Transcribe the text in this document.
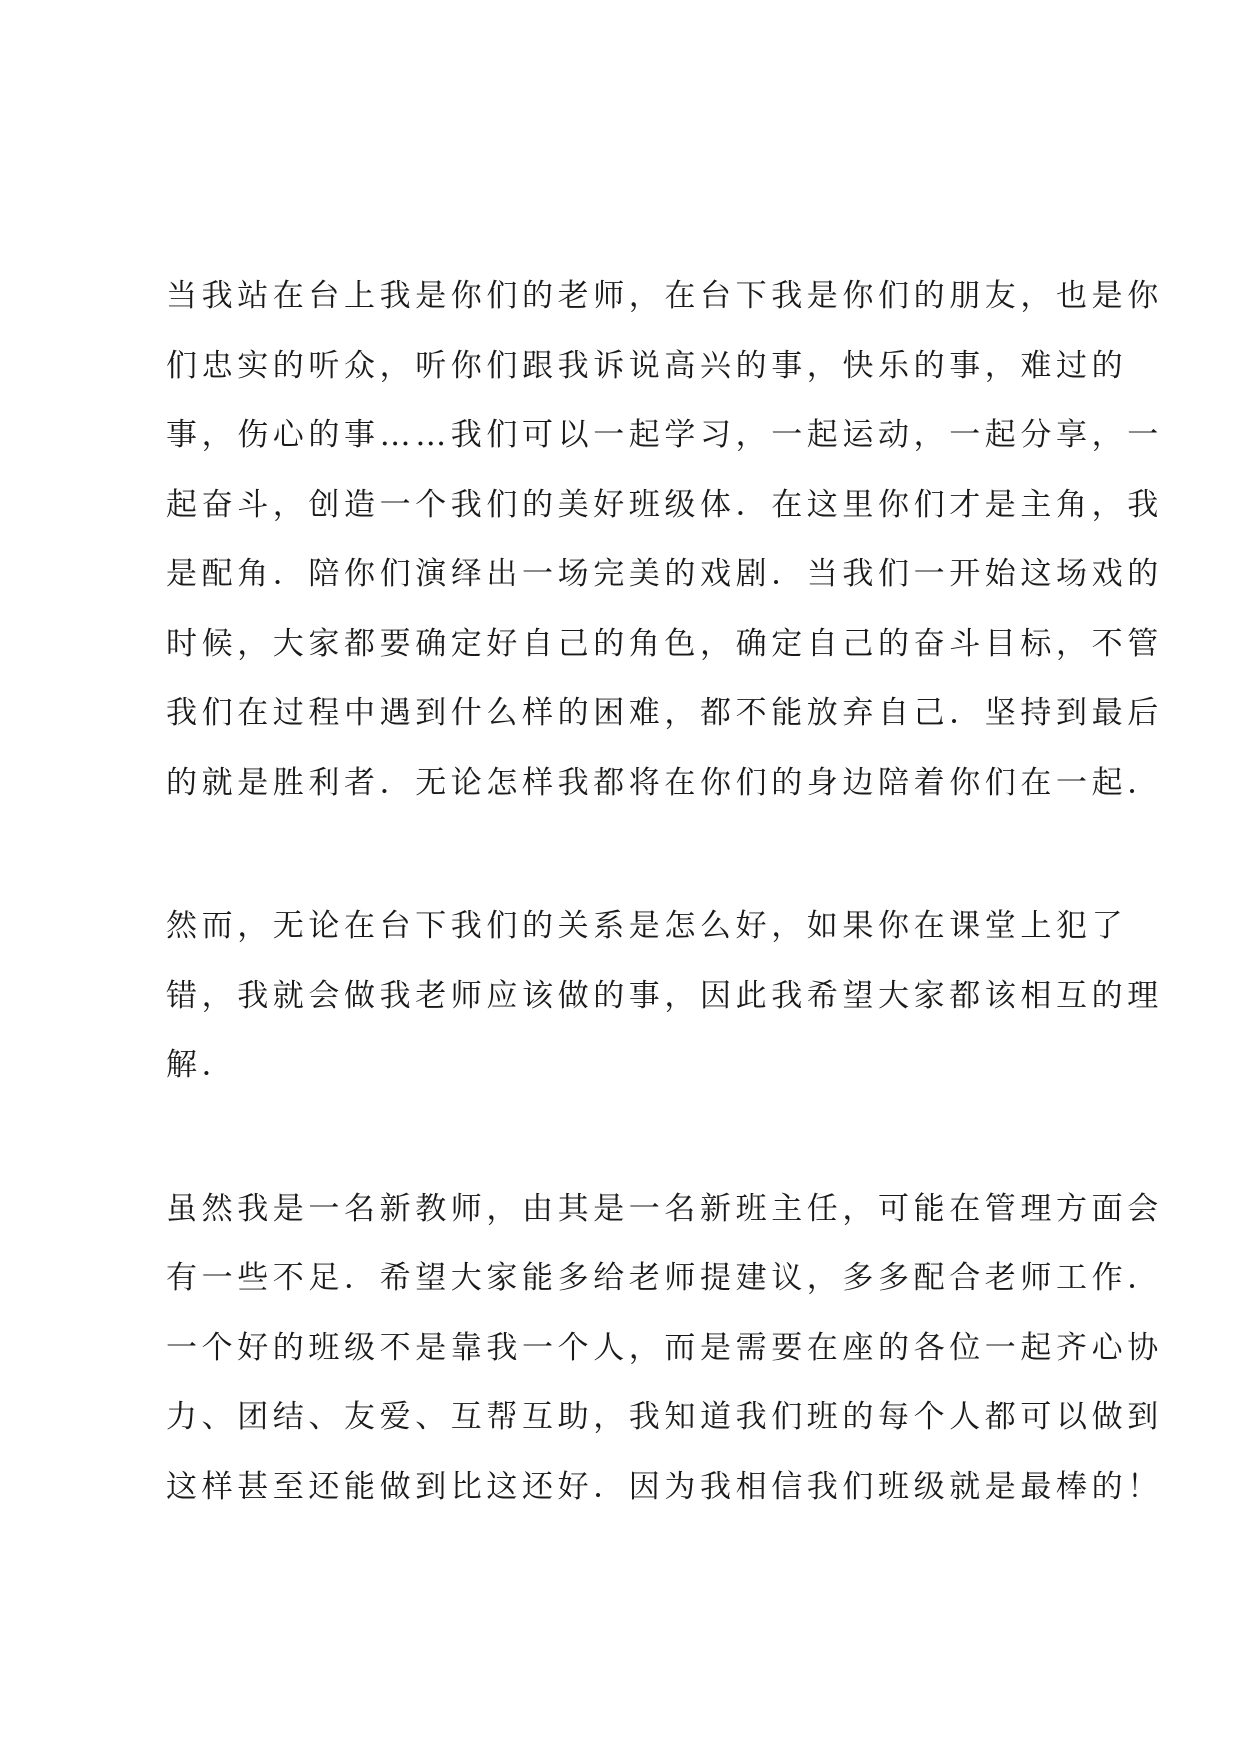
当我站在台上我是你们的老师，在台下我是你们的朋友，也是你
们忠实的听众，听你们跟我诉说高兴的事，快乐的事，难过的
事，伤心的事……我们可以一起学习，一起运动，一起分享，一
起奋斗，创造一个我们的美好班级体．在这里你们才是主角，我
是配角．陪你们演绎出一场完美的戏剧．当我们一开始这场戏的
时候，大家都要确定好自己的角色，确定自己的奋斗目标，不管
我们在过程中遇到什么样的困难，都不能放弃自己．坚持到最后
的就是胜利者．无论怎样我都将在你们的身边陪着你们在一起．

然而，无论在台下我们的关系是怎么好，如果你在课堂上犯了
错，我就会做我老师应该做的事，因此我希望大家都该相互的理
解．

虽然我是一名新教师，由其是一名新班主任，可能在管理方面会
有一些不足．希望大家能多给老师提建议，多多配合老师工作．
一个好的班级不是靠我一个人，而是需要在座的各位一起齐心协
力、团结、友爱、互帮互助，我知道我们班的每个人都可以做到
这样甚至还能做到比这还好．因为我相信我们班级就是最棒的！
